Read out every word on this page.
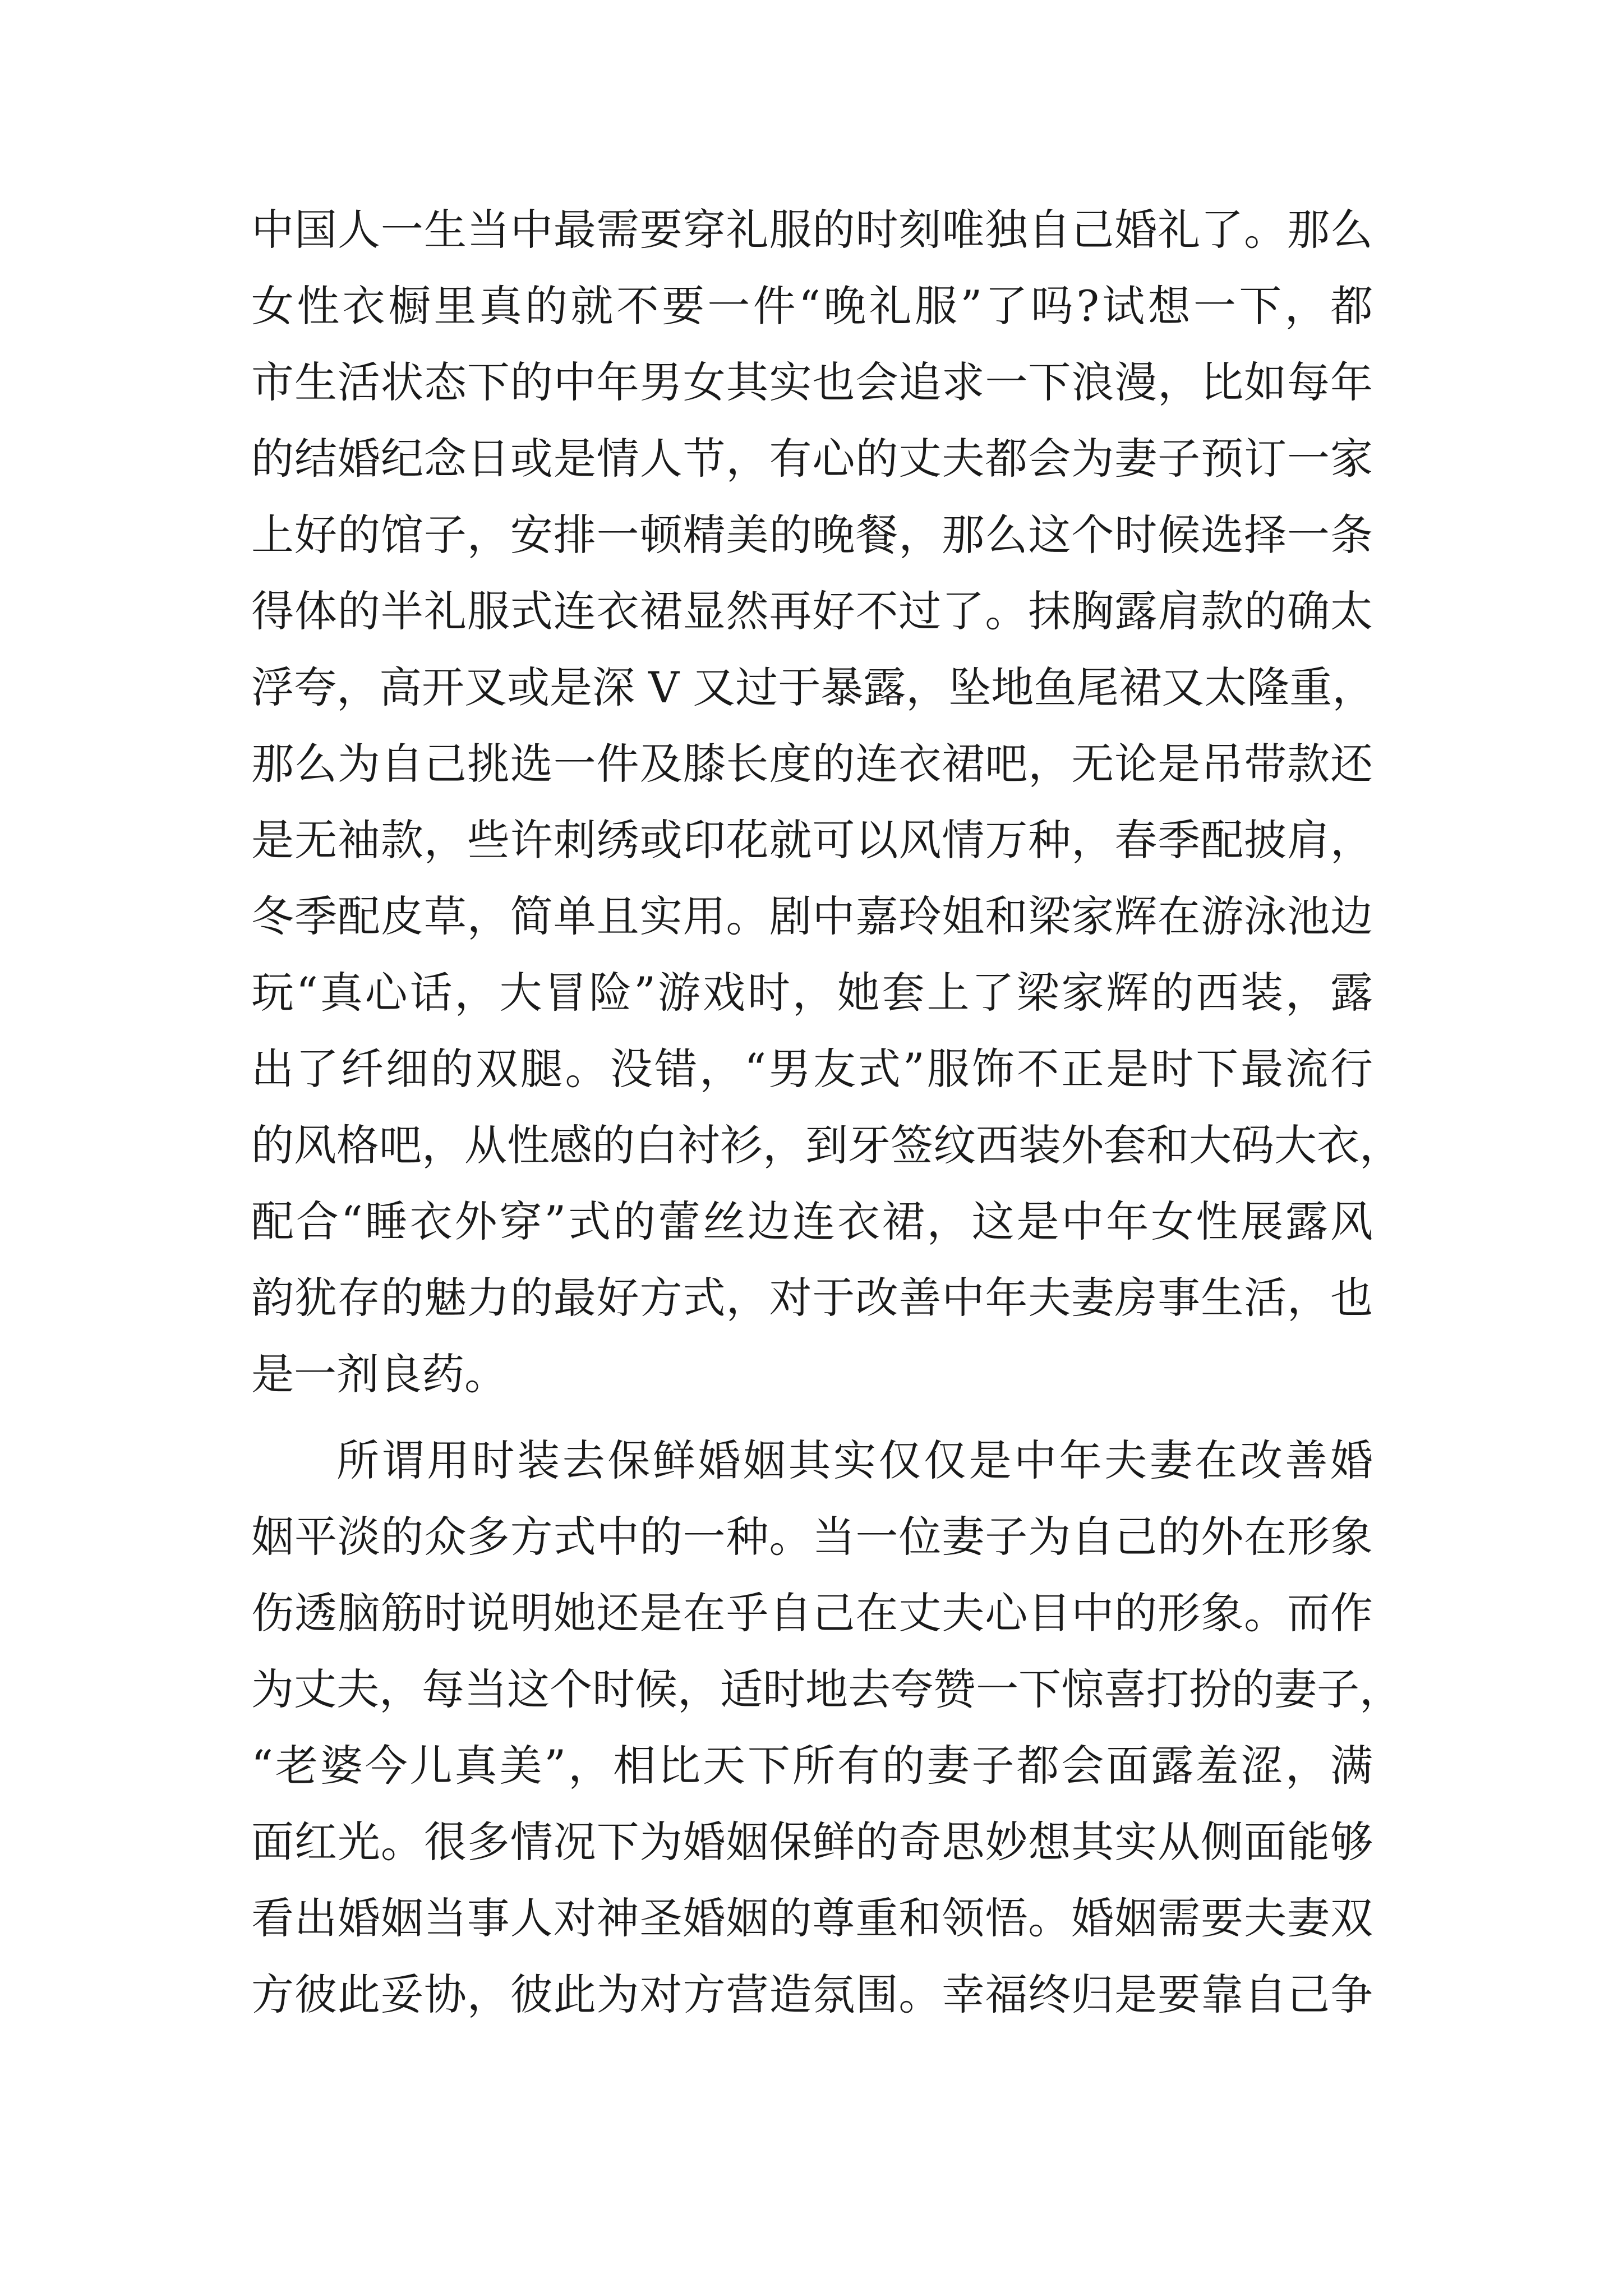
中国人一生当中最需要穿礼服的时刻唯独自己婚礼了。那么
女性衣橱里真的就不要一件“晚礼服”了吗?试想一下，都
市生活状态下的中年男女其实也会追求一下浪漫，比如每年
的结婚纪念日或是情人节，有心的丈夫都会为妻子预订一家
上好的馆子，安排一顿精美的晚餐，那么这个时候选择一条
得体的半礼服式连衣裙显然再好不过了。抹胸露肩款的确太
浮夸，高开叉或是深 V 又过于暴露，坠地鱼尾裙又太隆重，
那么为自己挑选一件及膝长度的连衣裙吧，无论是吊带款还
是无袖款，些许刺绣或印花就可以风情万种，春季配披肩，
冬季配皮草，简单且实用。剧中嘉玲姐和梁家辉在游泳池边
玩“真心话，大冒险”游戏时，她套上了梁家辉的西装，露
出了纤细的双腿。没错，“男友式”服饰不正是时下最流行
的风格吧，从性感的白衬衫，到牙签纹西装外套和大码大衣，
配合“睡衣外穿”式的蕾丝边连衣裙，这是中年女性展露风
韵犹存的魅力的最好方式，对于改善中年夫妻房事生活，也
是一剂良药。
所谓用时装去保鲜婚姻其实仅仅是中年夫妻在改善婚
姻平淡的众多方式中的一种。当一位妻子为自己的外在形象
伤透脑筋时说明她还是在乎自己在丈夫心目中的形象。而作
为丈夫，每当这个时候，适时地去夸赞一下惊喜打扮的妻子，
“老婆今儿真美”，相比天下所有的妻子都会面露羞涩，满
面红光。很多情况下为婚姻保鲜的奇思妙想其实从侧面能够
看出婚姻当事人对神圣婚姻的尊重和领悟。婚姻需要夫妻双
方彼此妥协，彼此为对方营造氛围。幸福终归是要靠自己争
